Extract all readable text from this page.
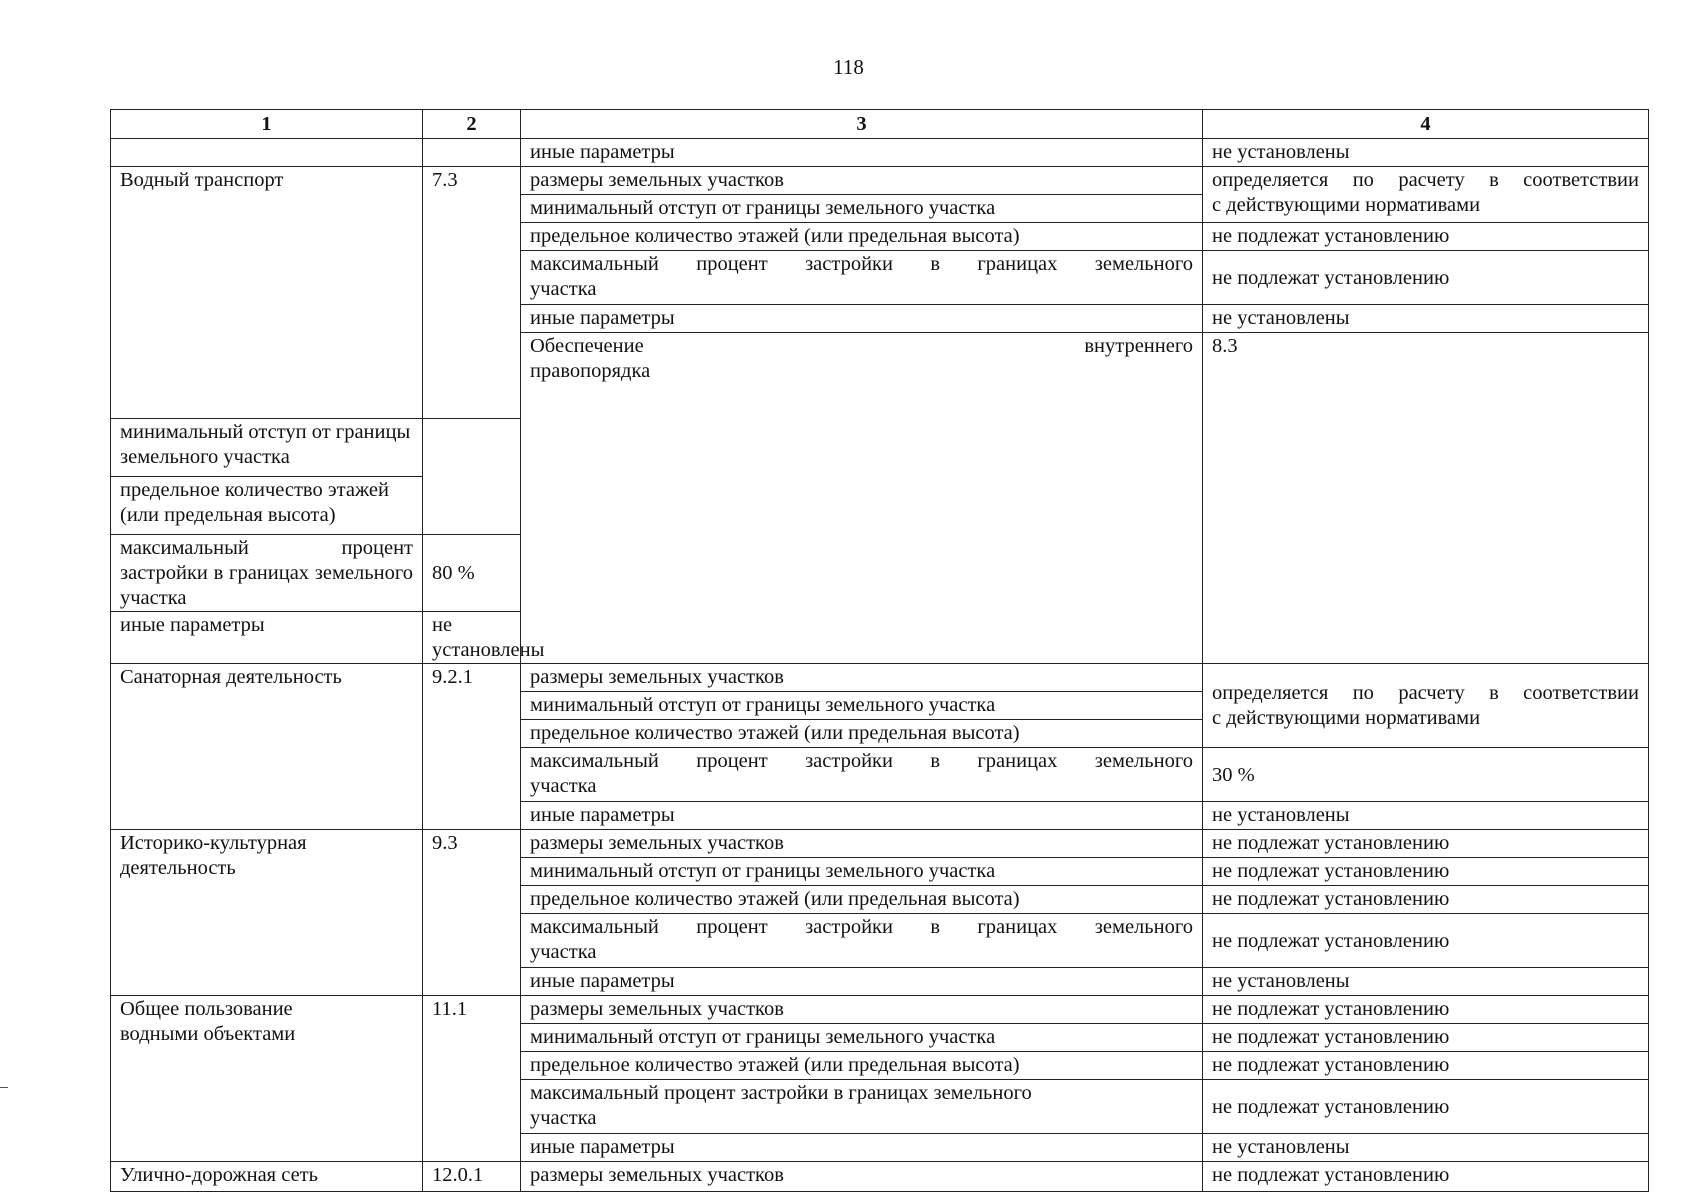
118
1	2	3	4	
		иные параметры	не установлены	
Водный транспорт	7.3	размеры земельных участков	определяется по расчету в соответствии
с действующими нормативами	
		минимальный отступ от границы земельного участка		
		предельное количество этажей (или предельная высота)	не подлежат установлению	

		максимальный процент застройки в границах земельного
участка	не подлежат установлению	
		иные параметры	не установлены	

		Обеспечение внутреннего
правопорядка	8.3		

минимальный отступ от границы земельного участка				
предельное количество этажей (или предельная высота)				

максимальный процент застройки в границах земельного
участка	80 %			
иные параметры	не установлены			
Санаторная деятельность	9.2.1	размеры земельных участков	определяется по расчету в соответствии
с действующими нормативами	
		минимальный отступ от границы земельного участка		
		предельное количество этажей (или предельная высота)		

		максимальный процент застройки в границах земельного
участка	30 %	
		иные параметры	не установлены	

Историко-культурная
деятельность	9.3	размеры земельных участков	не подлежат установлению	
		минимальный отступ от границы земельного участка	не подлежат установлению	
		предельное количество этажей (или предельная высота)	не подлежат установлению	

		максимальный процент застройки в границах земельного
участка	не подлежат установлению	
		иные параметры	не установлены	

Общее пользование
водными объектами	11.1	размеры земельных участков	не подлежат установлению	
		минимальный отступ от границы земельного участка	не подлежат установлению	
		предельное количество этажей (или предельная высота)	не подлежат установлению	

		максимальный процент застройки в границах земельного
участка	не подлежат установлению	
		иные параметры	не установлены	
Улично-дорожная сеть	12.0.1	размеры земельных участков	не подлежат установлению	
